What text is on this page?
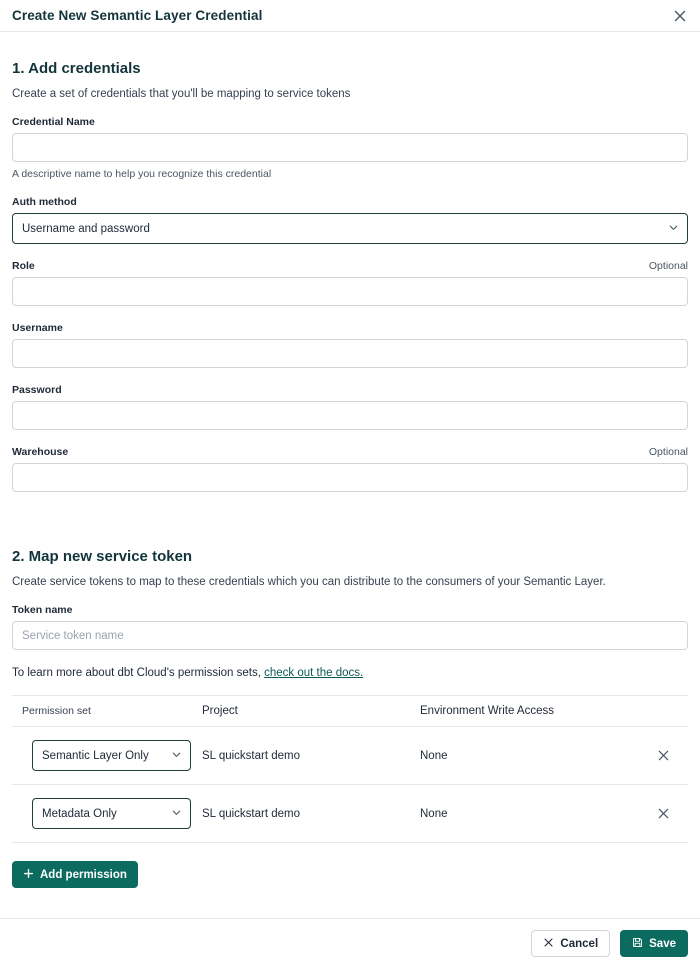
Create New Semantic Layer Credential
1. Add credentials
Create a set of credentials that you'll be mapping to service tokens
Credential Name
A descriptive name to help you recognize this credential
Auth method
Username and password
Role	Optional
Username
Password
Warehouse	Optional
2. Map new service token
Create service tokens to map to these credentials which you can distribute to the consumers of your Semantic Layer.
Token name
Service token name
To learn more about dbt Cloud's permission sets, check out the docs.
Permission set	Project	Environment Write Access
Semantic Layer Only	SL quickstart demo	None
Metadata Only	SL quickstart demo	None
Add permission
Cancel	Save
